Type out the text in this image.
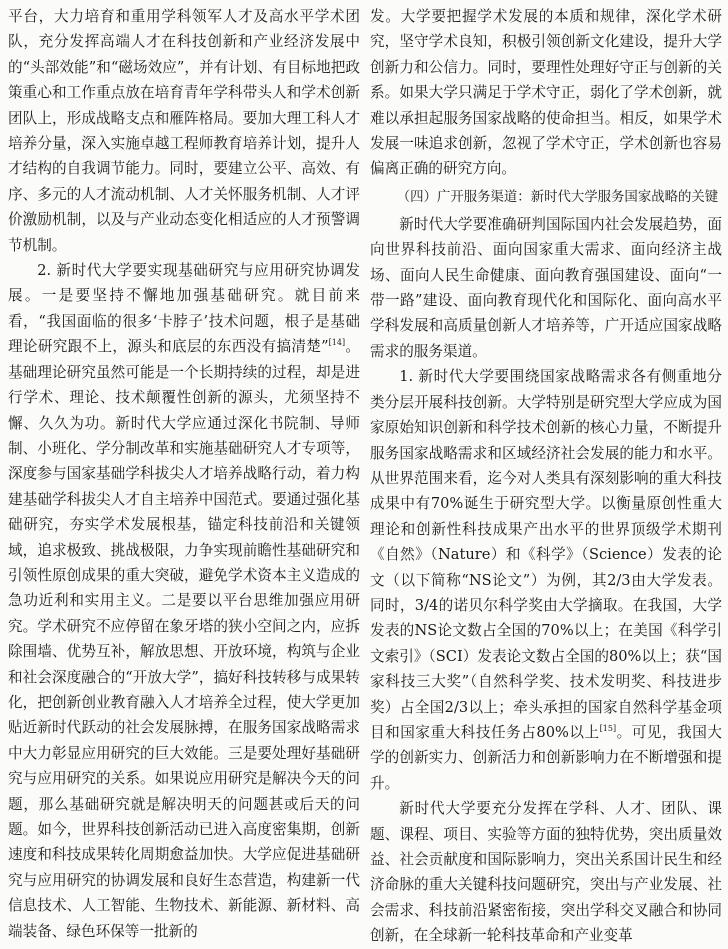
平台，大力培育和重用学科领军人才及高水平学术团队，充分发挥高端人才在科技创新和产业经济发展中的“头部效能”和“磁场效应”，并有计划、有目标地把政策重心和工作重点放在培育青年学科带头人和学术创新团队上，形成战略支点和雁阵格局。要加大理工科人才培养分量，深入实施卓越工程师教育培养计划，提升人才结构的自我调节能力。同时，要建立公平、高效、有序、多元的人才流动机制、人才关怀服务机制、人才评价激励机制，以及与产业动态变化相适应的人才预警调节机制。

2. 新时代大学要实现基础研究与应用研究协调发展。一是要坚持不懈地加强基础研究。就目前来看，“我国面临的很多‘卡脖子’技术问题，根子是基础理论研究跟不上，源头和底层的东西没有搞清楚”[14]。基础理论研究虽然可能是一个长期持续的过程，却是进行学术、理论、技术颠覆性创新的源头，尤须坚持不懈、久久为功。新时代大学应通过深化书院制、导师制、小班化、学分制改革和实施基础研究人才专项等，深度参与国家基础学科拔尖人才培养战略行动，着力构建基础学科拔尖人才自主培养中国范式。要通过强化基础研究，夯实学术发展根基，锚定科技前沿和关键领域，追求极致、挑战极限，力争实现前瞻性基础研究和引领性原创成果的重大突破，避免学术资本主义造成的急功近利和实用主义。二是要以平台思维加强应用研究。学术研究不应停留在象牙塔的狭小空间之内，应拆除围墙、优势互补，解放思想、开放环境，构筑与企业和社会深度融合的“开放大学”，搞好科技转移与成果转化，把创新创业教育融入人才培养全过程，使大学更加贴近新时代跃动的社会发展脉搏，在服务国家战略需求中大力彰显应用研究的巨大效能。三是要处理好基础研究与应用研究的关系。如果说应用研究是解决今天的问题，那么基础研究就是解决明天的问题甚或后天的问题。如今，世界科技创新活动已进入高度密集期，创新速度和科技成果转化周期愈益加快。大学应促进基础研究与应用研究的协调发展和良好生态营造，构建新一代信息技术、人工智能、生物技术、新能源、新材料、高端装备、绿色环保等一批新的

发。大学要把握学术发展的本质和规律，深化学术研究，坚守学术良知，积极引领创新文化建设，提升大学创新力和公信力。同时，要理性处理好守正与创新的关系。如果大学只满足于学术守正，弱化了学术创新，就难以承担起服务国家战略的使命担当。相反，如果学术发展一味追求创新，忽视了学术守正，学术创新也容易偏离正确的研究方向。

（四）广开服务渠道：新时代大学服务国家战略的关键

新时代大学要准确研判国际国内社会发展趋势，面向世界科技前沿、面向国家重大需求、面向经济主战场、面向人民生命健康、面向教育强国建设、面向“一带一路”建设、面向教育现代化和国际化、面向高水平学科发展和高质量创新人才培养等，广开适应国家战略需求的服务渠道。

1. 新时代大学要围绕国家战略需求各有侧重地分类分层开展科技创新。大学特别是研究型大学应成为国家原始知识创新和科学技术创新的核心力量，不断提升服务国家战略需求和区域经济社会发展的能力和水平。从世界范围来看，迄今对人类具有深刻影响的重大科技成果中有70%诞生于研究型大学。以衡量原创性重大理论和创新性科技成果产出水平的世界顶级学术期刊《自然》（Nature）和《科学》（Science）发表的论文（以下简称“NS论文”）为例，其2/3由大学发表。同时，3/4的诺贝尔科学奖由大学摘取。在我国，大学发表的NS论文数占全国的70%以上；在美国《科学引文索引》（SCI）发表论文数占全国的80%以上；获“国家科技三大奖”（自然科学奖、技术发明奖、科技进步奖）占全国2/3以上；牵头承担的国家自然科学基金项目和国家重大科技任务占80%以上[15]。可见，我国大学的创新实力、创新活力和创新影响力在不断增强和提升。

新时代大学要充分发挥在学科、人才、团队、课题、课程、项目、实验等方面的独特优势，突出质量效益、社会贡献度和国际影响力，突出关系国计民生和经济命脉的重大关键科技问题研究，突出与产业发展、社会需求、科技前沿紧密衔接，突出学科交叉融合和协同创新，在全球新一轮科技革命和产业变革
